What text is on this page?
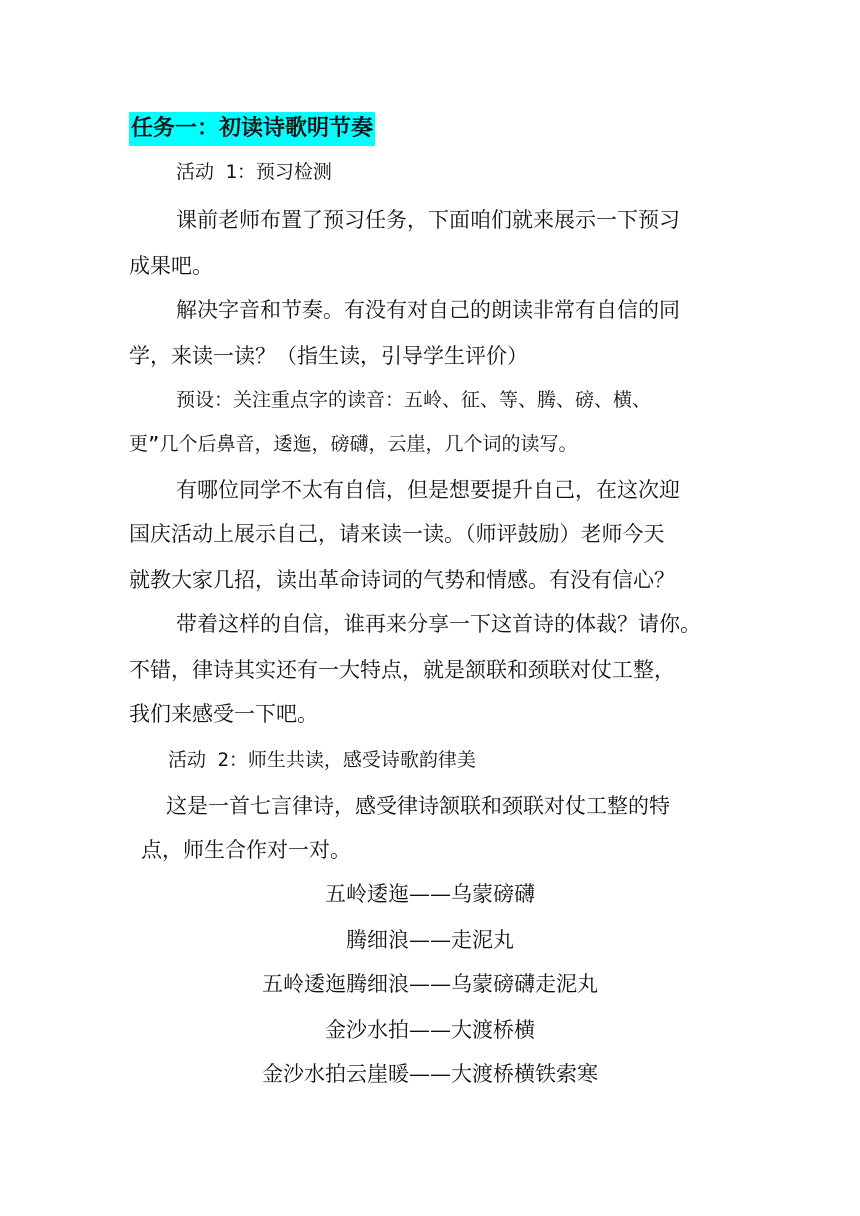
任务一：初读诗歌明节奏
活动 1：预习检测
课前老师布置了预习任务，下面咱们就来展示一下预习
成果吧。
解决字音和节奏。有没有对自己的朗读非常有自信的同
学，来读一读？（指生读，引导学生评价）
预设：关注重点字的读音：五岭、征、等、腾、磅、横、
更”几个后鼻音，逶迤，磅礴，云崖，几个词的读写。
有哪位同学不太有自信，但是想要提升自己，在这次迎
国庆活动上展示自己，请来读一读。（师评鼓励）老师今天
就教大家几招，读出革命诗词的气势和情感。有没有信心？
带着这样的自信，谁再来分享一下这首诗的体裁？请你。
不错，律诗其实还有一大特点，就是颔联和颈联对仗工整，
我们来感受一下吧。
活动 2：师生共读，感受诗歌韵律美
这是一首七言律诗，感受律诗颔联和颈联对仗工整的特
点，师生合作对一对。
五岭逶迤——乌蒙磅礴
腾细浪——走泥丸
五岭逶迤腾细浪——乌蒙磅礴走泥丸
金沙水拍——大渡桥横
金沙水拍云崖暖——大渡桥横铁索寒
